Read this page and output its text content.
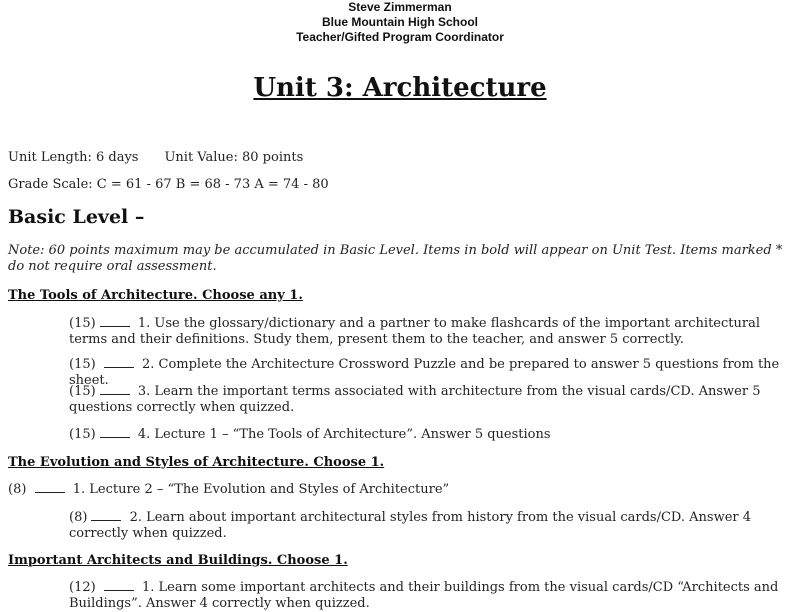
Steve Zimmerman
Blue Mountain High School
Teacher/Gifted Program Coordinator
Unit 3: Architecture
Unit Length: 6 days Unit Value: 80 points
Grade Scale: C = 61 - 67 B = 68 - 73 A = 74 - 80
Basic Level –
Note: 60 points maximum may be accumulated in Basic Level. Items in bold will appear on Unit Test. Items marked * do not require oral assessment.
The Tools of Architecture. Choose any 1.
(15)	1. Use the glossary/dictionary and a partner to make flashcards of the important architectural terms and their definitions. Study them, present them to the teacher, and answer 5 correctly.
(15)	2. Complete the Architecture Crossword Puzzle and be prepared to answer 5 questions from the sheet.
(15)	3. Learn the important terms associated with architecture from the visual cards/CD. Answer 5 questions correctly when quizzed.
(15)	4. Lecture 1 – “The Tools of Architecture”. Answer 5 questions
The Evolution and Styles of Architecture. Choose 1.
(8)	1. Lecture 2 – “The Evolution and Styles of Architecture”
(8)	2. Learn about important architectural styles from history from the visual cards/CD. Answer 4 correctly when quizzed.
Important Architects and Buildings. Choose 1.
(12)	1. Learn some important architects and their buildings from the visual cards/CD “Architects and Buildings”. Answer 4 correctly when quizzed.
